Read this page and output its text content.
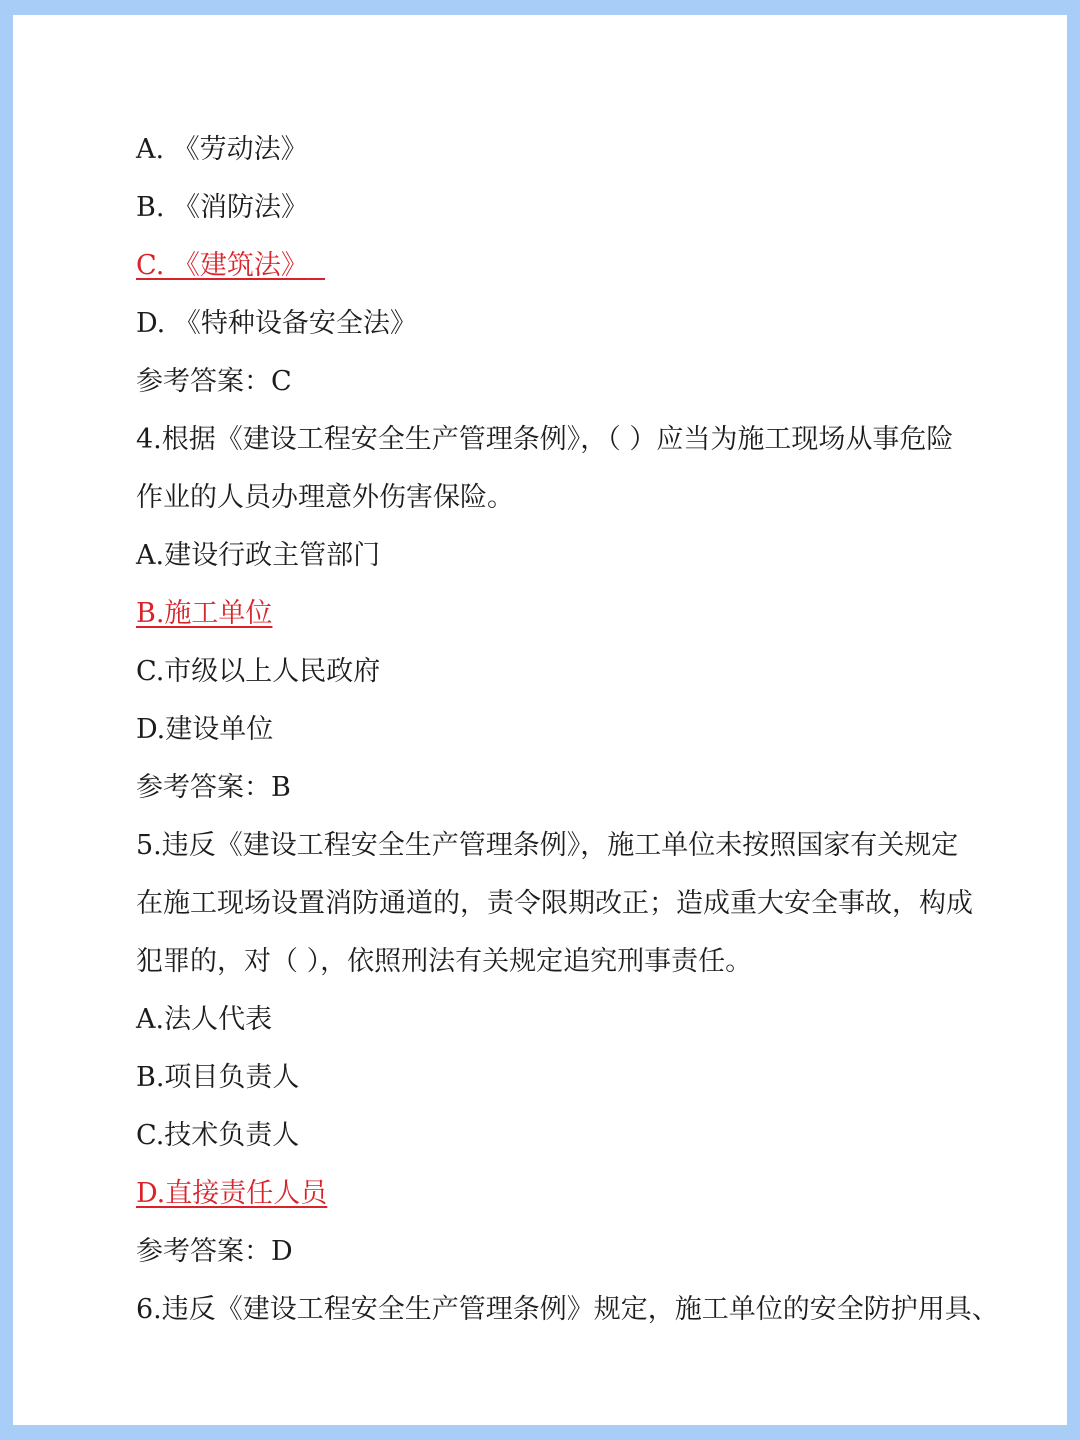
A. 《劳动法》
B. 《消防法》
C. 《建筑法》
D. 《特种设备安全法》
参考答案：C
4.根据《建设工程安全生产管理条例》，（ ）应当为施工现场从事危险
作业的人员办理意外伤害保险。
A.建设行政主管部门
B.施工单位
C.市级以上人民政府
D.建设单位
参考答案：B
5.违反《建设工程安全生产管理条例》，施工单位未按照国家有关规定
在施工现场设置消防通道的，责令限期改正；造成重大安全事故，构成
犯罪的，对（ ），依照刑法有关规定追究刑事责任。
A.法人代表
B.项目负责人
C.技术负责人
D.直接责任人员
参考答案：D
6.违反《建设工程安全生产管理条例》规定，施工单位的安全防护用具、
